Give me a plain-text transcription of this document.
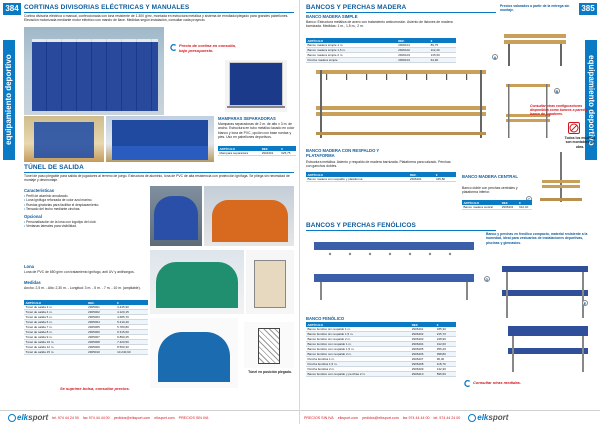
384
equipamiento deportivo
CORTINAS DIVISORIAS ELÉCTRICAS Y MANUALES
Cortina divisoria eléctrica o manual, confeccionada con lona resistente de 1.300 g/m², montada en estructura metálica y sistema de enrollado/plegado para grandes pabellones. Elevación motorizada mediante motor eléctrico con mando de llave. Medidas según instalación, consultar cada proyecto.
Precio de cortina en consulta, bajo presupuesto.
MAMPARAS SEPARADORAS
Mamparas separadoras de 2 m. de alto x 3 m. de ancho. Estructura en tubo metálico lacado en color blanco y lona de PVC, opción con base ruedas y pies. Uso en pabellones deportivos.
ARTÍCULO	REF.	€
Mampara separadora	2904301	625,75
TÚNEL DE SALIDA
Túnel de paso plegable para salida de jugadores al terreno de juego. Estructura de aluminio, lona de PVC de alta resistencia con protección ignífuga. Se pliega sin necesidad de montaje y desmontaje.
Características
• Perfil de aluminio anodizado.
• Lona ignífuga reforzada de color azul marino.
• Ruedas giratorias para facilitar el desplazamiento.
• Tensado del techo mediante cinchas.
Opcional
• Personalización de la lona con logotipo del club.
• Ventanas laterales para visibilidad.
Lona
Lona de PVC de 650 g/m² con tratamiento ignífugo, anti UV y antihongos.
Medidas
Ancho: 2,5 m. - Alto: 2,30 m. - Longitud: 3 m. - 5 m. - 7 m. - 10 m. (ampliable).
ARTÍCULO	REF.	€
Túnel de salida 3 m.	2905001	3.445,90
Túnel de salida 4 m.	2905002	4.120,15
Túnel de salida 5 m.	2905003	4.685,70
Túnel de salida 6 m.	2905004	5.210,40
Túnel de salida 7 m.	2905005	5.780,80
Túnel de salida 8 m.	2905006	6.315,60
Túnel de salida 9 m.	2905007	6.890,25
Túnel de salida 10 m.	2905008	7.420,50
Túnel de salida 12 m.	2905009	8.560,30
Túnel de salida 15 m.	2905010	10.240,90
Túnel en posición plegado.
Se suprime bolsa, consultar precios.
elk sport tel. 974 44 24 00 fax 974 44 44 00 pedidos@elksport.com elksport.com PRECIOS SIN IVA
385
equipamiento deportivo
Precios valorados a partir de la entrega sin montaje.
BANCOS Y PERCHAS MADERA
BANCO MADERA SIMPLE
Banco: Estructura metálica de acero con tratamiento anticorrosión. Asiento de listones de madera barnizada. Medidas: 1 m., 1,5 m., 2 m.
ARTÍCULO	REF.	€
Banco madera simple 1 m.	2906101	89,75
Banco madera simple 1,5 m.	2906102	112,40
Banco madera simple 2 m.	2906103	135,60
Percha madera simple	2906104	64,90
A
B
Consultar otras configuraciones disponibles como bancos a pared y banco de jugadores.
Todos los modelos son montables en obra.
BANCO MADERA CON RESPALDO Y PLATAFORMA
Estructura metálica. Asiento y respaldo de madera barnizada. Plataforma para calzado. Perchas con ganchos dobles.
ARTÍCULO	REF.	€
Banco madera con respaldo y plataforma	2906201	425,80
BANCO MADERA CENTRAL
Banco doble con perchas centrales y plataforma inferior.
ARTÍCULO	REF.	€
Banco madera central	2906301	612,40
BANCOS Y PERCHAS FENÓLICOS
Banco y perchas en fenólico compacto, material resistente a la humedad, ideal para vestuarios de instalaciones deportivas, piscinas y gimnasios.
D
E
BANCO FENÓLICO
ARTÍCULO	REF.	€
Banco fenólico sin respaldo 1 m.	2906401	185,30
Banco fenólico sin respaldo 1,5 m.	2906402	215,70
Banco fenólico sin respaldo 2 m.	2906403	248,90
Banco fenólico con respaldo 1 m.	2906404	312,60
Banco fenólico con respaldo 1,5 m.	2906405	356,20
Banco fenólico con respaldo 2 m.	2906406	398,80
Percha fenólica 1 m.	2906407	96,40
Percha fenólica 1,5 m.	2906408	118,70
Percha fenólica 2 m.	2906409	142,30
Banco fenólico con respaldo y perchas 2 m.	2906410	596,50
Consultar otras medidas.
PRECIOS SIN IVA elksport.com pedidos@elksport.com fax 974 44 44 00 tel. 974 44 24 00	elk sport
